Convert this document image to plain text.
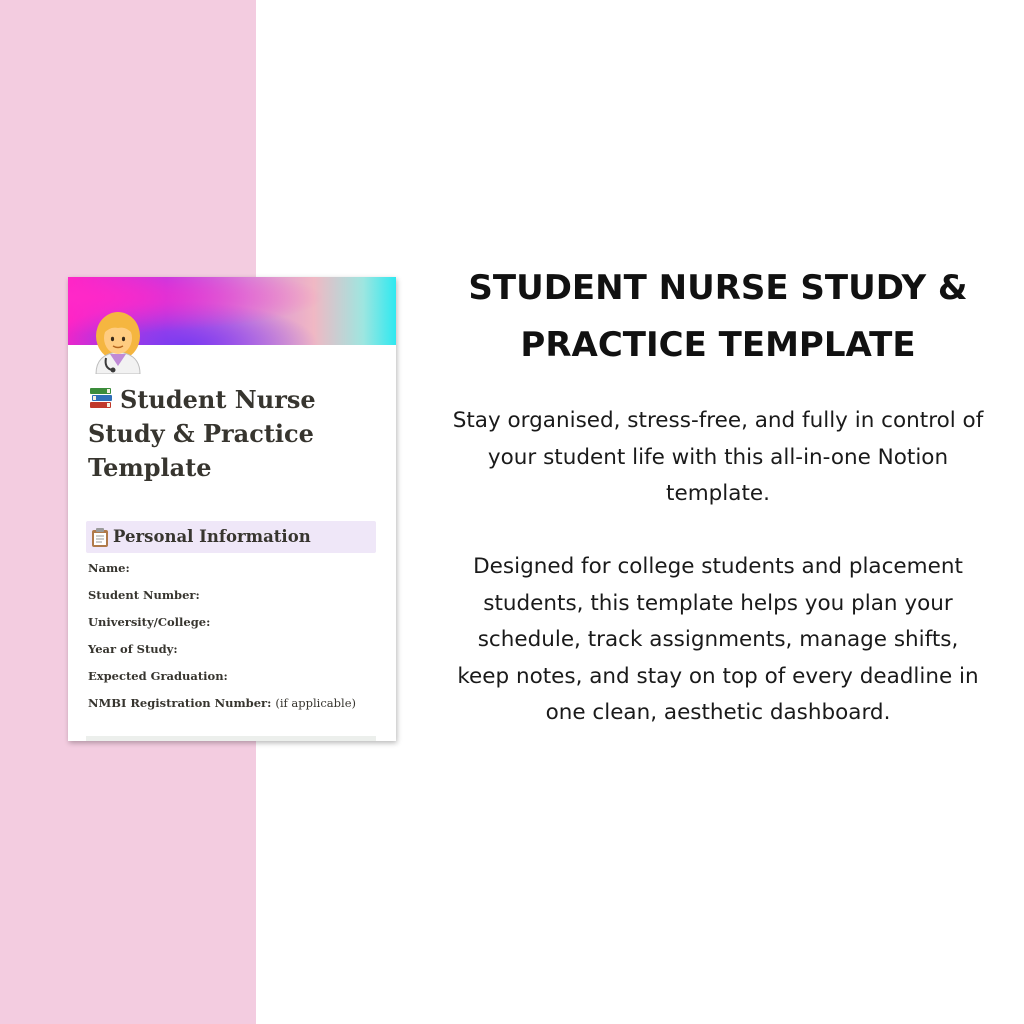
Student Nurse Study & Practice Template
Personal Information
Name:
Student Number:
University/College:
Year of Study:
Expected Graduation:
NMBI Registration Number: (if applicable)
STUDENT NURSE STUDY & PRACTICE TEMPLATE

Stay organised, stress-free, and fully in control of your student life with this all-in-one Notion template.

Designed for college students and placement students, this template helps you plan your schedule, track assignments, manage shifts, keep notes, and stay on top of every deadline in one clean, aesthetic dashboard.
